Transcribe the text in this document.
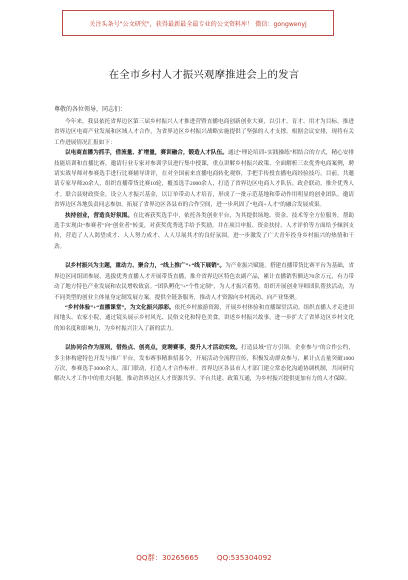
关注头条号"公文研究"，获得最新最全最专业的公文资料库！ 微信：gongwenyj
在全市乡村人才振兴观摩推进会上的发言
尊敬的各位领导，同志们：

今年来，我县依托省界边区第三届乡村振兴人才推进营暨直播电商创新创业大赛，以引才、育才、用才为目标，推进省界边区电商产业发展和区域人才合作，为省界边区乡村振兴战略实施提供了坚强的人才支撑。根据会议安排，现将有关工作进展情况汇报如下：

以电商直播为抓手，借流量、扩增量，赛训融合，锻造人才队伍。通过“理论培训+实践操练”相结合的方式，精心安排技能培训和直播比赛，邀请行业专家对参训学员进行集中授课，重点讲解乡村振兴政策、全面解析三农优秀电商案例，聘请实战导师对参赛选手进行比赛辅导讲评，在对全国前来直播电商转化观察，手把手传授直播电商经验技巧。目前，共邀请专家导师20余人，组织直播带货比赛10轮，覆盖选手2000余人，打造了省界边区电商人才队伍。政企联动，推介优秀人才。联合县财政资金，设立人才振兴基金，以订单带动人才培育，形成了一批示范基地和带动作用明显的创业团队。邀请省界边区各地负责同志参加，拓展了省界边区各县市的合作空间，进一步巩固了“电商+人才”的融合发展成果。

扶持创业，营造良好氛围。在比赛获奖选手中，依托各类创业平台，为其提供场地、资金、技术等全方位服务，帮助选手实现由“参赛者”向“创业者”转变，对获奖优秀选手给予奖励，并在项目申报、资金扶持、人才评价等方面给予倾斜支持，营造了人人渴望成才、人人努力成才、人人尽展其才的良好氛围，进一步激发了广大青年投身乡村振兴的热情和干劲。

以乡村振兴为主题，重动力、聚合力，“线上推广”+“线下展销”。为产业振兴赋能。搭建直播带货比赛平台为基础，省界边区同组团参展，选拔优秀直播人才开展带货直播，推介省界边区特色农副产品，累计直播销售额达70余万元，有力带动了地方特色产业发展和农民增收致富。“团队孵化”+“个性定制”，为人才振兴蓄势。组织开展创业导师团队帮扶活动，为不同类型的创业主体量身定制发展方案，提供全链条服务，推动人才资源向乡村流动、向产业集聚。

“乡村体验”+“直播课堂”，为文化振兴添彩。依托乡村旅游资源，开展乡村体验和直播课堂活动，组织直播人才走进田间地头、农家小院，通过镜头展示乡村风光、民俗文化和特色美食，讲述乡村振兴故事，进一步扩大了省界边区乡村文化的知名度和影响力，为乡村振兴注入了新的活力。

以协同合作为原则，借热点、创亮点，竞聘赛事，提升人才活动实效。打造县域“官方引领、企业参与”的合作公约，多主体构建特色开发与推广平台，发布赛事精准招募令，开展活动全流程宣传，积极发动群众参与，累计点击量突破1000万次，参赛选手3000余人。部门联动，打造人才合作标杆。省界边区各县市人才部门建立常态化沟通协调机制，共同研究解决人才工作中的重大问题，推动省界边区人才资源共享、平台共建、政策互通，为乡村振兴提供更加有力的人才保障。

QQ群：30265665	QQ:535304092
